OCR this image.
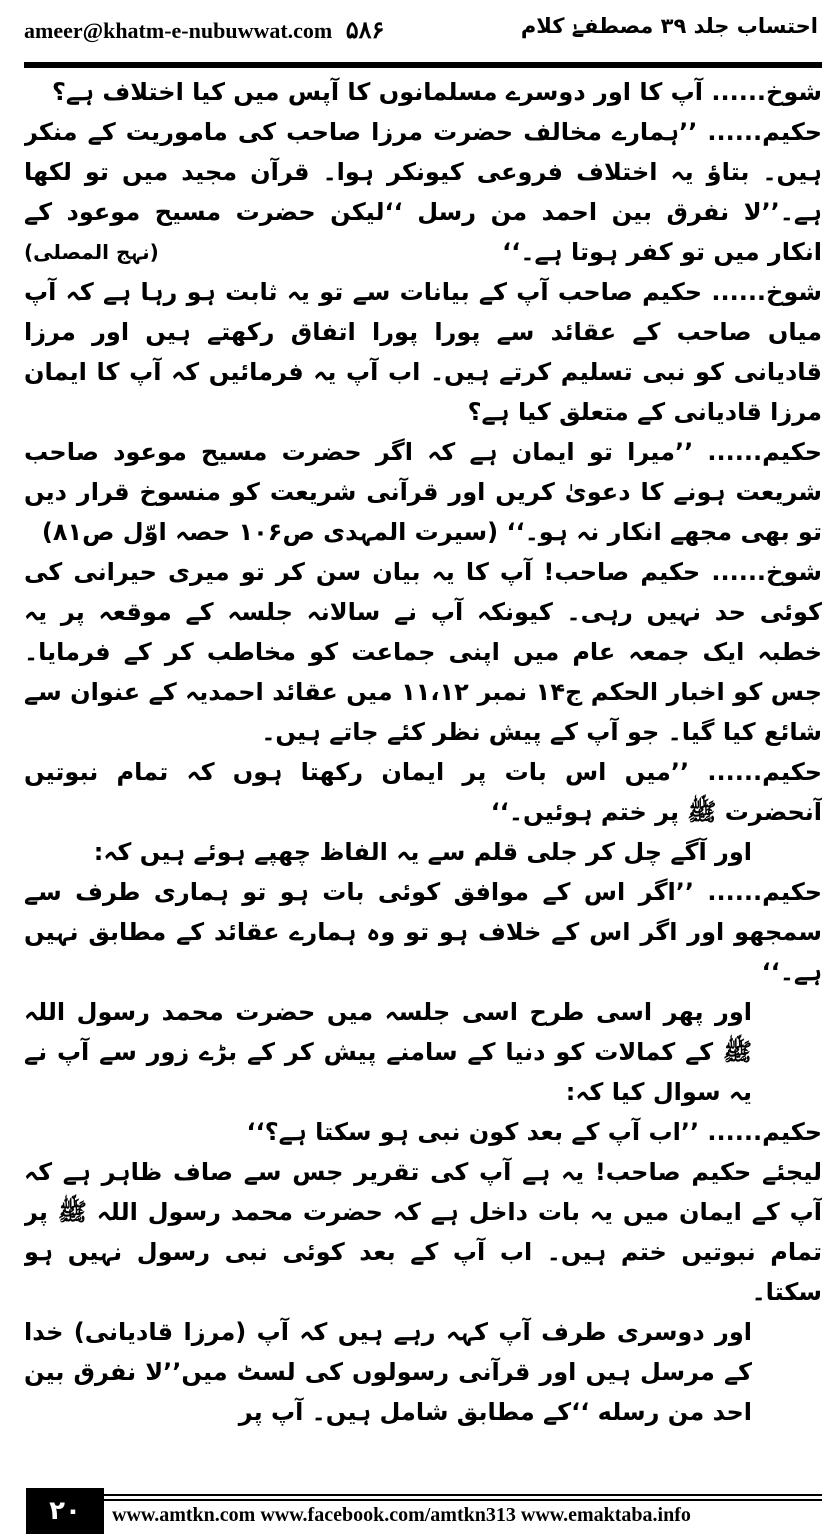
ameer@khatm-e-nubuwwat.com ۵۸۶	احتساب جلد ۳۹ مصطفےٰ کلام

شوخ...... آپ کا اور دوسرے مسلمانوں کا آپس میں کیا اختلاف ہے؟

حکیم...... ’’ہمارے مخالف حضرت مرزا صاحب کی ماموریت کے منکر ہیں۔ بتاؤ یہ اختلاف فروعی کیونکر ہوا۔ قرآن مجید میں تو لکھا ہے۔’’لا نفرق بین احمد من رسل ‘‘لیکن حضرت مسیح موعود کے انکار میں تو کفر ہوتا ہے۔‘‘
(نہج المصلی)

شوخ...... حکیم صاحب آپ کے بیانات سے تو یہ ثابت ہو رہا ہے کہ آپ میاں صاحب کے عقائد سے پورا پورا اتفاق رکھتے ہیں اور مرزا قادیانی کو نبی تسلیم کرتے ہیں۔ اب آپ یہ فرمائیں کہ آپ کا ایمان مرزا قادیانی کے متعلق کیا ہے؟

حکیم...... ’’میرا تو ایمان ہے کہ اگر حضرت مسیح موعود صاحب شریعت ہونے کا دعویٰ کریں اور قرآنی شریعت کو منسوخ قرار دیں تو بھی مجھے انکار نہ ہو۔‘‘ (سیرت المہدی ص۱۰۶ حصہ اوّل ص۸۱)

شوخ...... حکیم صاحب! آپ کا یہ بیان سن کر تو میری حیرانی کی کوئی حد نہیں رہی۔ کیونکہ آپ نے سالانہ جلسہ کے موقعہ پر یہ خطبہ ایک جمعہ عام میں اپنی جماعت کو مخاطب کر کے فرمایا۔ جس کو اخبار الحکم ج۱۴ نمبر ۱۱،۱۲ میں عقائد احمدیہ کے عنوان سے شائع کیا گیا۔ جو آپ کے پیش نظر کئے جاتے ہیں۔

حکیم...... ’’میں اس بات پر ایمان رکھتا ہوں کہ تمام نبوتیں آنحضرت ﷺ پر ختم ہوئیں۔‘‘

اور آگے چل کر جلی قلم سے یہ الفاظ چھپے ہوئے ہیں کہ:

حکیم...... ’’اگر اس کے موافق کوئی بات ہو تو ہماری طرف سے سمجھو اور اگر اس کے خلاف ہو تو وہ ہمارے عقائد کے مطابق نہیں ہے۔‘‘

اور پھر اسی طرح اسی جلسہ میں حضرت محمد رسول اللہ ﷺ کے کمالات کو دنیا کے سامنے پیش کر کے بڑے زور سے آپ نے یہ سوال کیا کہ:

حکیم...... ’’اب آپ کے بعد کون نبی ہو سکتا ہے؟‘‘

لیجئے حکیم صاحب! یہ ہے آپ کی تقریر جس سے صاف ظاہر ہے کہ آپ کے ایمان میں یہ بات داخل ہے کہ حضرت محمد رسول اللہ ﷺ پر تمام نبوتیں ختم ہیں۔ اب آپ کے بعد کوئی نبی رسول نہیں ہو سکتا۔

اور دوسری طرف آپ کہہ رہے ہیں کہ آپ (مرزا قادیانی) خدا کے مرسل ہیں اور قرآنی رسولوں کی لسٹ میں’’لا نفرق بین احد من رسله ‘‘کے مطابق شامل ہیں۔ آپ پر

۲۰	www.amtkn.com www.facebook.com/amtkn313 www.emaktaba.info
